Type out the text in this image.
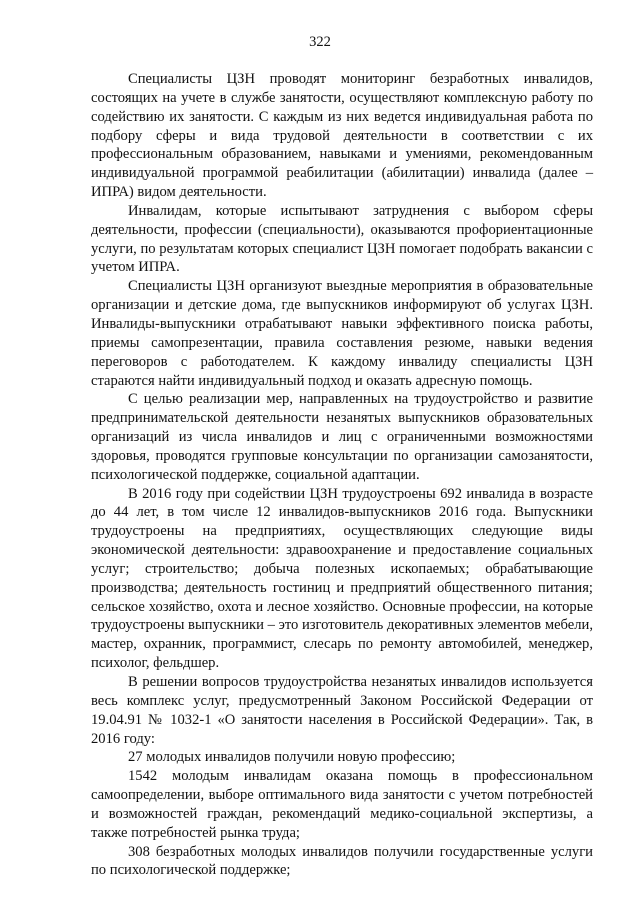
322

Специалисты ЦЗН проводят мониторинг безработных инвалидов, состоящих на учете в службе занятости, осуществляют комплексную работу по содействию их занятости. С каждым из них ведется индивидуальная работа по подбору сферы и вида трудовой деятельности в соответствии с их профессиональным образованием, навыками и умениями, рекомендованным индивидуальной программой реабилитации (абилитации) инвалида (далее – ИПРА) видом деятельности.

Инвалидам, которые испытывают затруднения с выбором сферы деятельности, профессии (специальности), оказываются профориентационные услуги, по результатам которых специалист ЦЗН помогает подобрать вакансии с учетом ИПРА.

Специалисты ЦЗН организуют выездные мероприятия в образовательные организации и детские дома, где выпускников информируют об услугах ЦЗН. Инвалиды-выпускники отрабатывают навыки эффективного поиска работы, приемы самопрезентации, правила составления резюме, навыки ведения переговоров с работодателем. К каждому инвалиду специалисты ЦЗН стараются найти индивидуальный подход и оказать адресную помощь.

С целью реализации мер, направленных на трудоустройство и развитие предпринимательской деятельности незанятых выпускников образовательных организаций из числа инвалидов и лиц с ограниченными возможностями здоровья, проводятся групповые консультации по организации самозанятости, психологической поддержке, социальной адаптации.

В 2016 году при содействии ЦЗН трудоустроены 692 инвалида в возрасте до 44 лет, в том числе 12 инвалидов-выпускников 2016 года. Выпускники трудоустроены на предприятиях, осуществляющих следующие виды экономической деятельности: здравоохранение и предоставление социальных услуг; строительство; добыча полезных ископаемых; обрабатывающие производства; деятельность гостиниц и предприятий общественного питания; сельское хозяйство, охота и лесное хозяйство. Основные профессии, на которые трудоустроены выпускники – это изготовитель декоративных элементов мебели, мастер, охранник, программист, слесарь по ремонту автомобилей, менеджер, психолог, фельдшер.

В решении вопросов трудоустройства незанятых инвалидов используется весь комплекс услуг, предусмотренный Законом Российской Федерации от 19.04.91 № 1032-1 «О занятости населения в Российской Федерации». Так, в 2016 году:

27 молодых инвалидов получили новую профессию;

1542 молодым инвалидам оказана помощь в профессиональном самоопределении, выборе оптимального вида занятости с учетом потребностей и возможностей граждан, рекомендаций медико-социальной экспертизы, а также потребностей рынка труда;

308 безработных молодых инвалидов получили государственные услуги по психологической поддержке;
